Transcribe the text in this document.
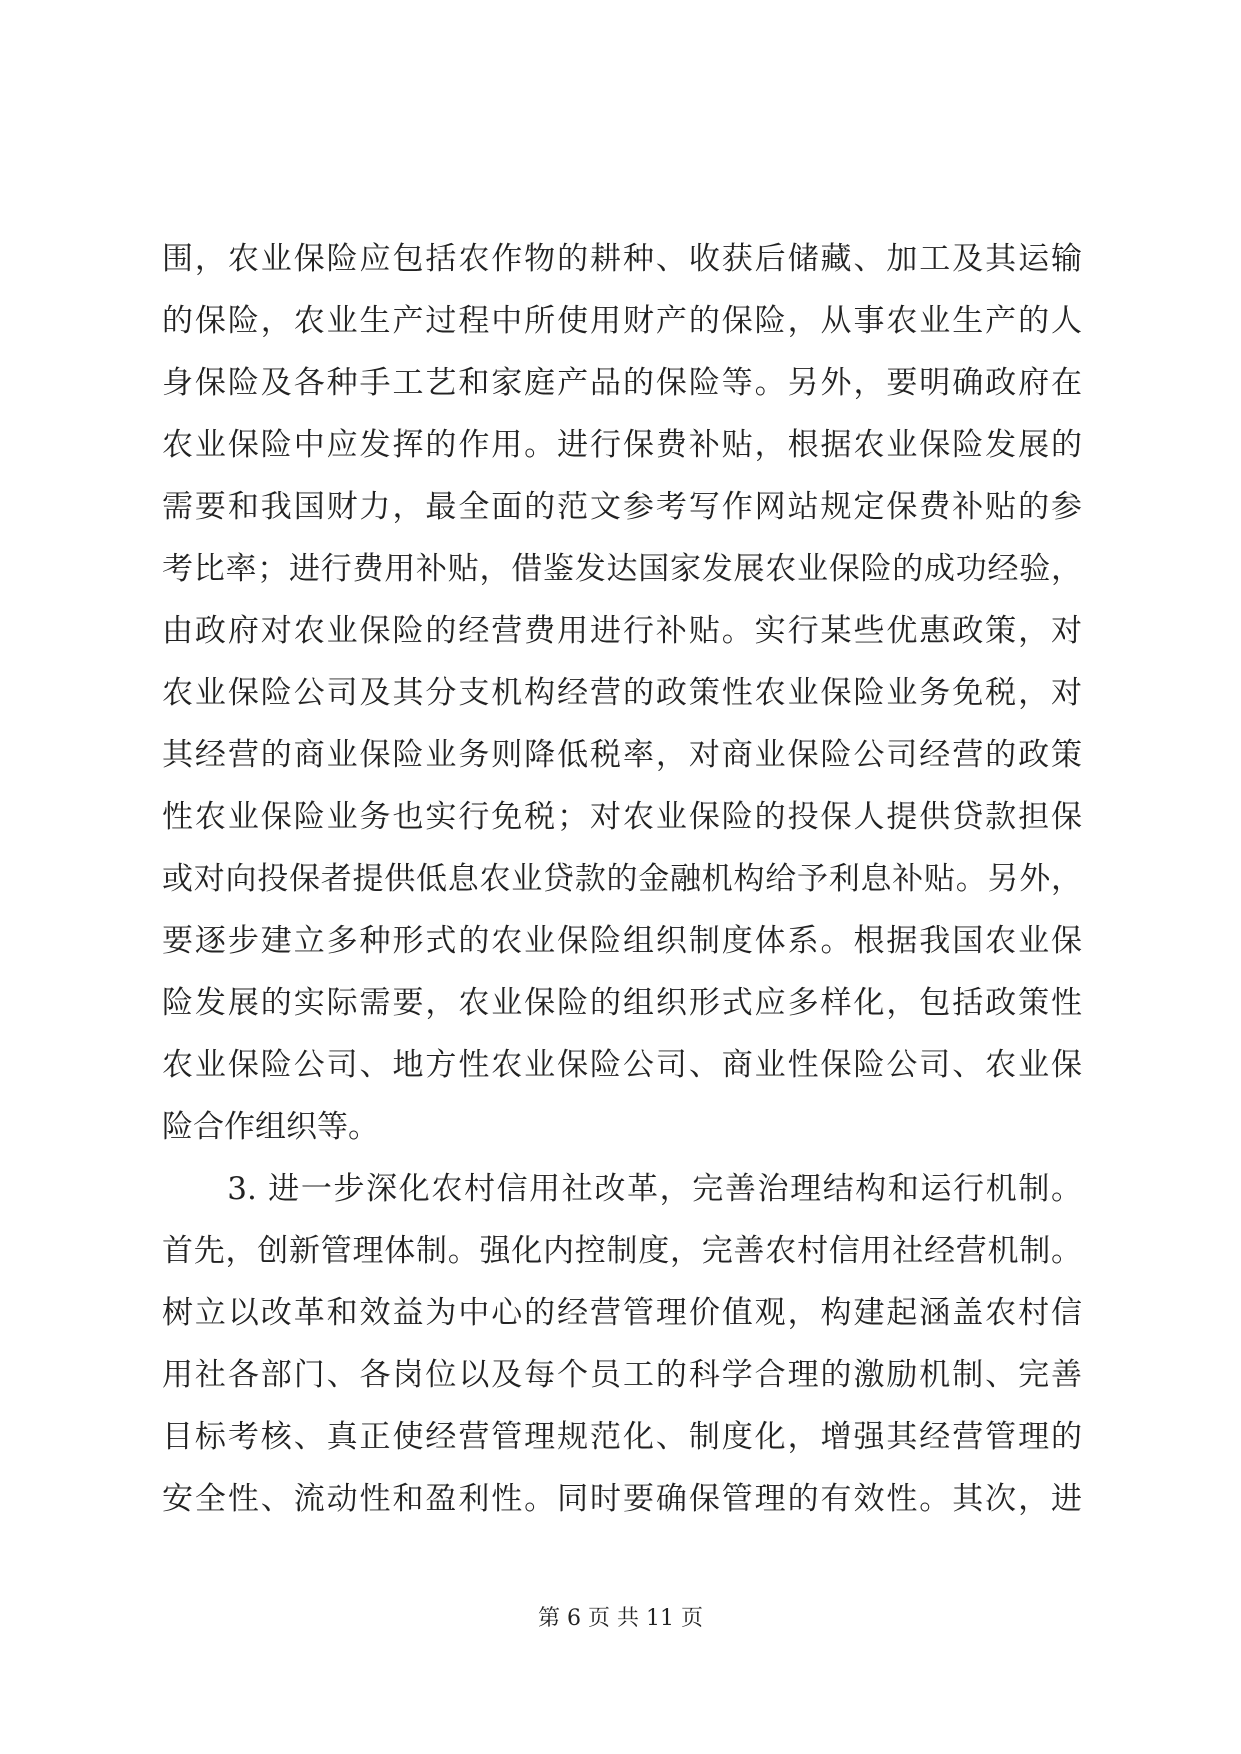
围，农业保险应包括农作物的耕种、收获后储藏、加工及其运输
的保险，农业生产过程中所使用财产的保险，从事农业生产的人
身保险及各种手工艺和家庭产品的保险等。另外，要明确政府在
农业保险中应发挥的作用。进行保费补贴，根据农业保险发展的
需要和我国财力，最全面的范文参考写作网站规定保费补贴的参
考比率；进行费用补贴，借鉴发达国家发展农业保险的成功经验，
由政府对农业保险的经营费用进行补贴。实行某些优惠政策，对
农业保险公司及其分支机构经营的政策性农业保险业务免税，对
其经营的商业保险业务则降低税率，对商业保险公司经营的政策
性农业保险业务也实行免税；对农业保险的投保人提供贷款担保
或对向投保者提供低息农业贷款的金融机构给予利息补贴。另外，
要逐步建立多种形式的农业保险组织制度体系。根据我国农业保
险发展的实际需要，农业保险的组织形式应多样化，包括政策性
农业保险公司、地方性农业保险公司、商业性保险公司、农业保
险合作组织等。
　　3. 进一步深化农村信用社改革，完善治理结构和运行机制。
首先，创新管理体制。强化内控制度，完善农村信用社经营机制。
树立以改革和效益为中心的经营管理价值观，构建起涵盖农村信
用社各部门、各岗位以及每个员工的科学合理的激励机制、完善
目标考核、真正使经营管理规范化、制度化，增强其经营管理的
安全性、流动性和盈利性。同时要确保管理的有效性。其次，进
第 6 页 共 11 页
